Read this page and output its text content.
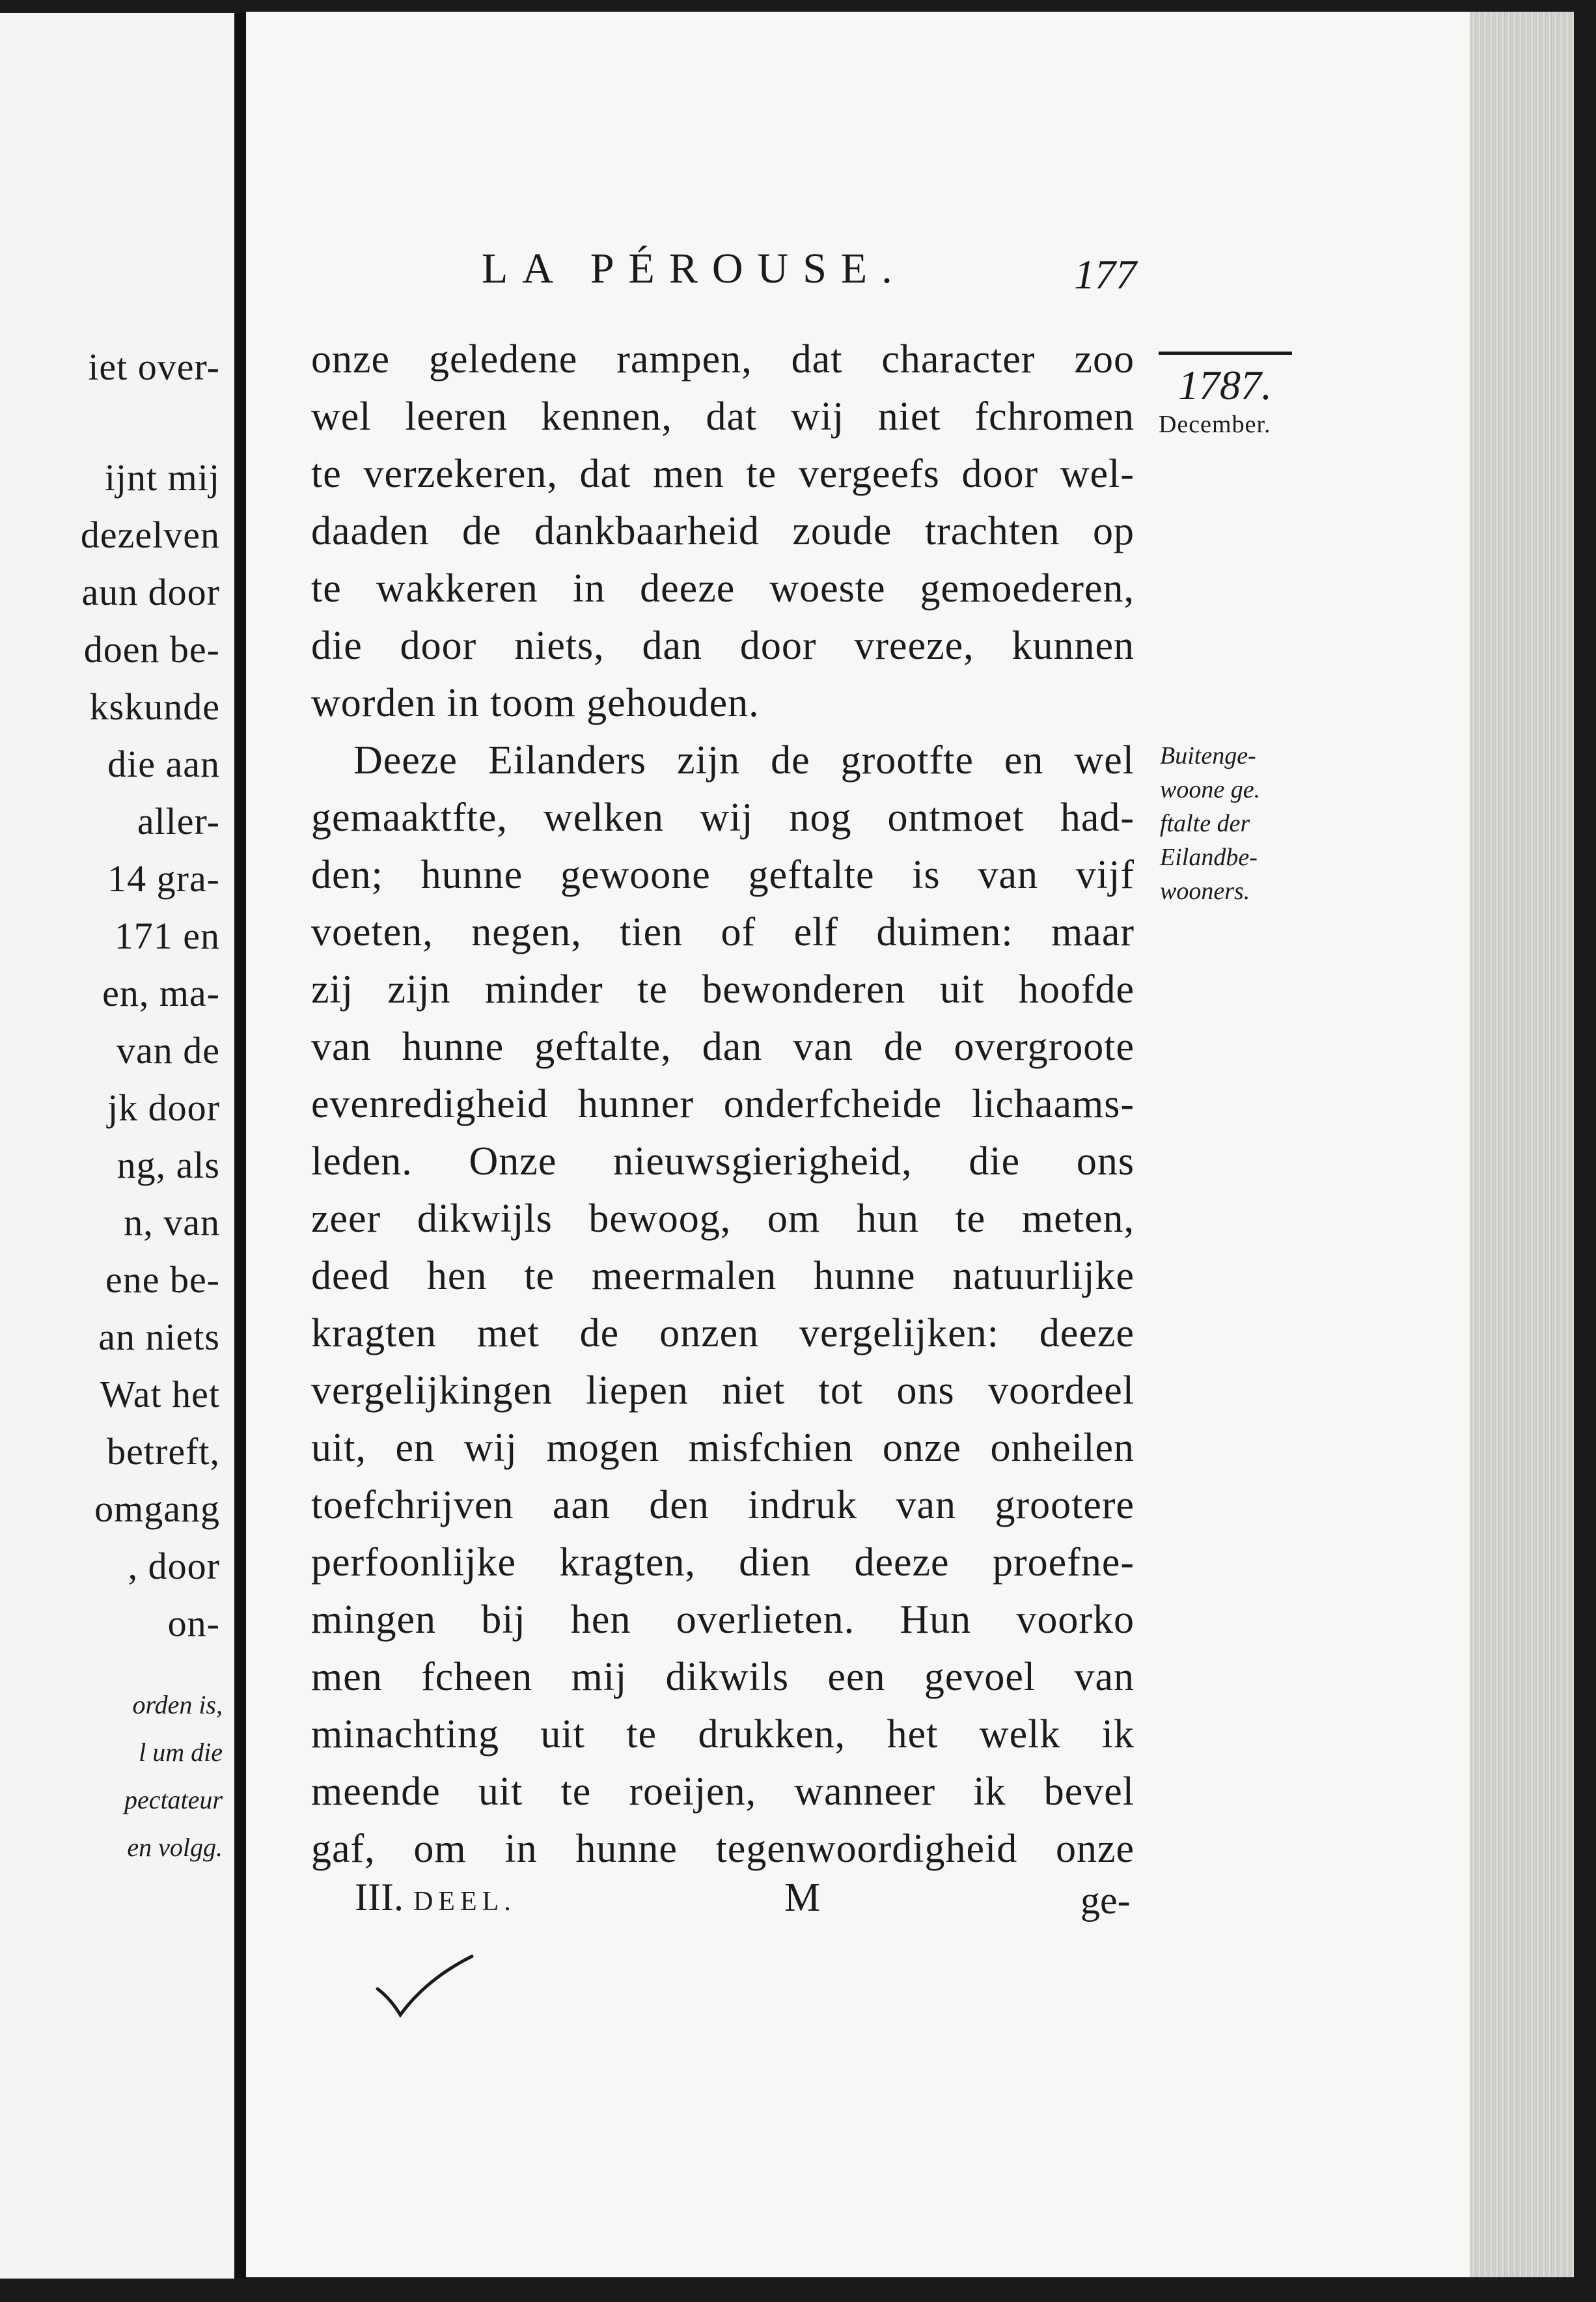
iet over-
ijnt mij
dezelven
aun door
doen be-
kskunde
die aan
aller-
14 gra-
171 en
en, ma-
van de
jk door
ng, als
n, van
ene be-
an niets
Wat het
betreft,
omgang
, door
on-
orden is,
l um die
pectateur
en volgg.
LA PÉROUSE.	177
1787.
December.
Buitenge-
woone ge.
ftalte der
Eilandbe-
wooners.
onze geledene rampen, dat character zoo
wel leeren kennen, dat wij niet fchromen
te verzekeren, dat men te vergeefs door wel-
daaden de dankbaarheid zoude trachten op
te wakkeren in deeze woeste gemoederen,
die door niets, dan door vreeze, kunnen
worden in toom gehouden.
Deeze Eilanders zijn de grootfte en wel
gemaaktfte, welken wij nog ontmoet had-
den; hunne gewoone geftalte is van vijf
voeten, negen, tien of elf duimen: maar
zij zijn minder te bewonderen uit hoofde
van hunne geftalte, dan van de overgroote
evenredigheid hunner onderfcheide lichaams-
leden. Onze nieuwsgierigheid, die ons
zeer dikwijls bewoog, om hun te meten,
deed hen te meermalen hunne natuurlijke
kragten met de onzen vergelijken: deeze
vergelijkingen liepen niet tot ons voordeel
uit, en wij mogen misfchien onze onheilen
toefchrijven aan den indruk van grootere
perfoonlijke kragten, dien deeze proefne-
mingen bij hen overlieten. Hun voorko
men fcheen mij dikwils een gevoel van
minachting uit te drukken, het welk ik
meende uit te roeijen, wanneer ik bevel
gaf, om in hunne tegenwoordigheid onze
III. DEEL.	M	ge-
